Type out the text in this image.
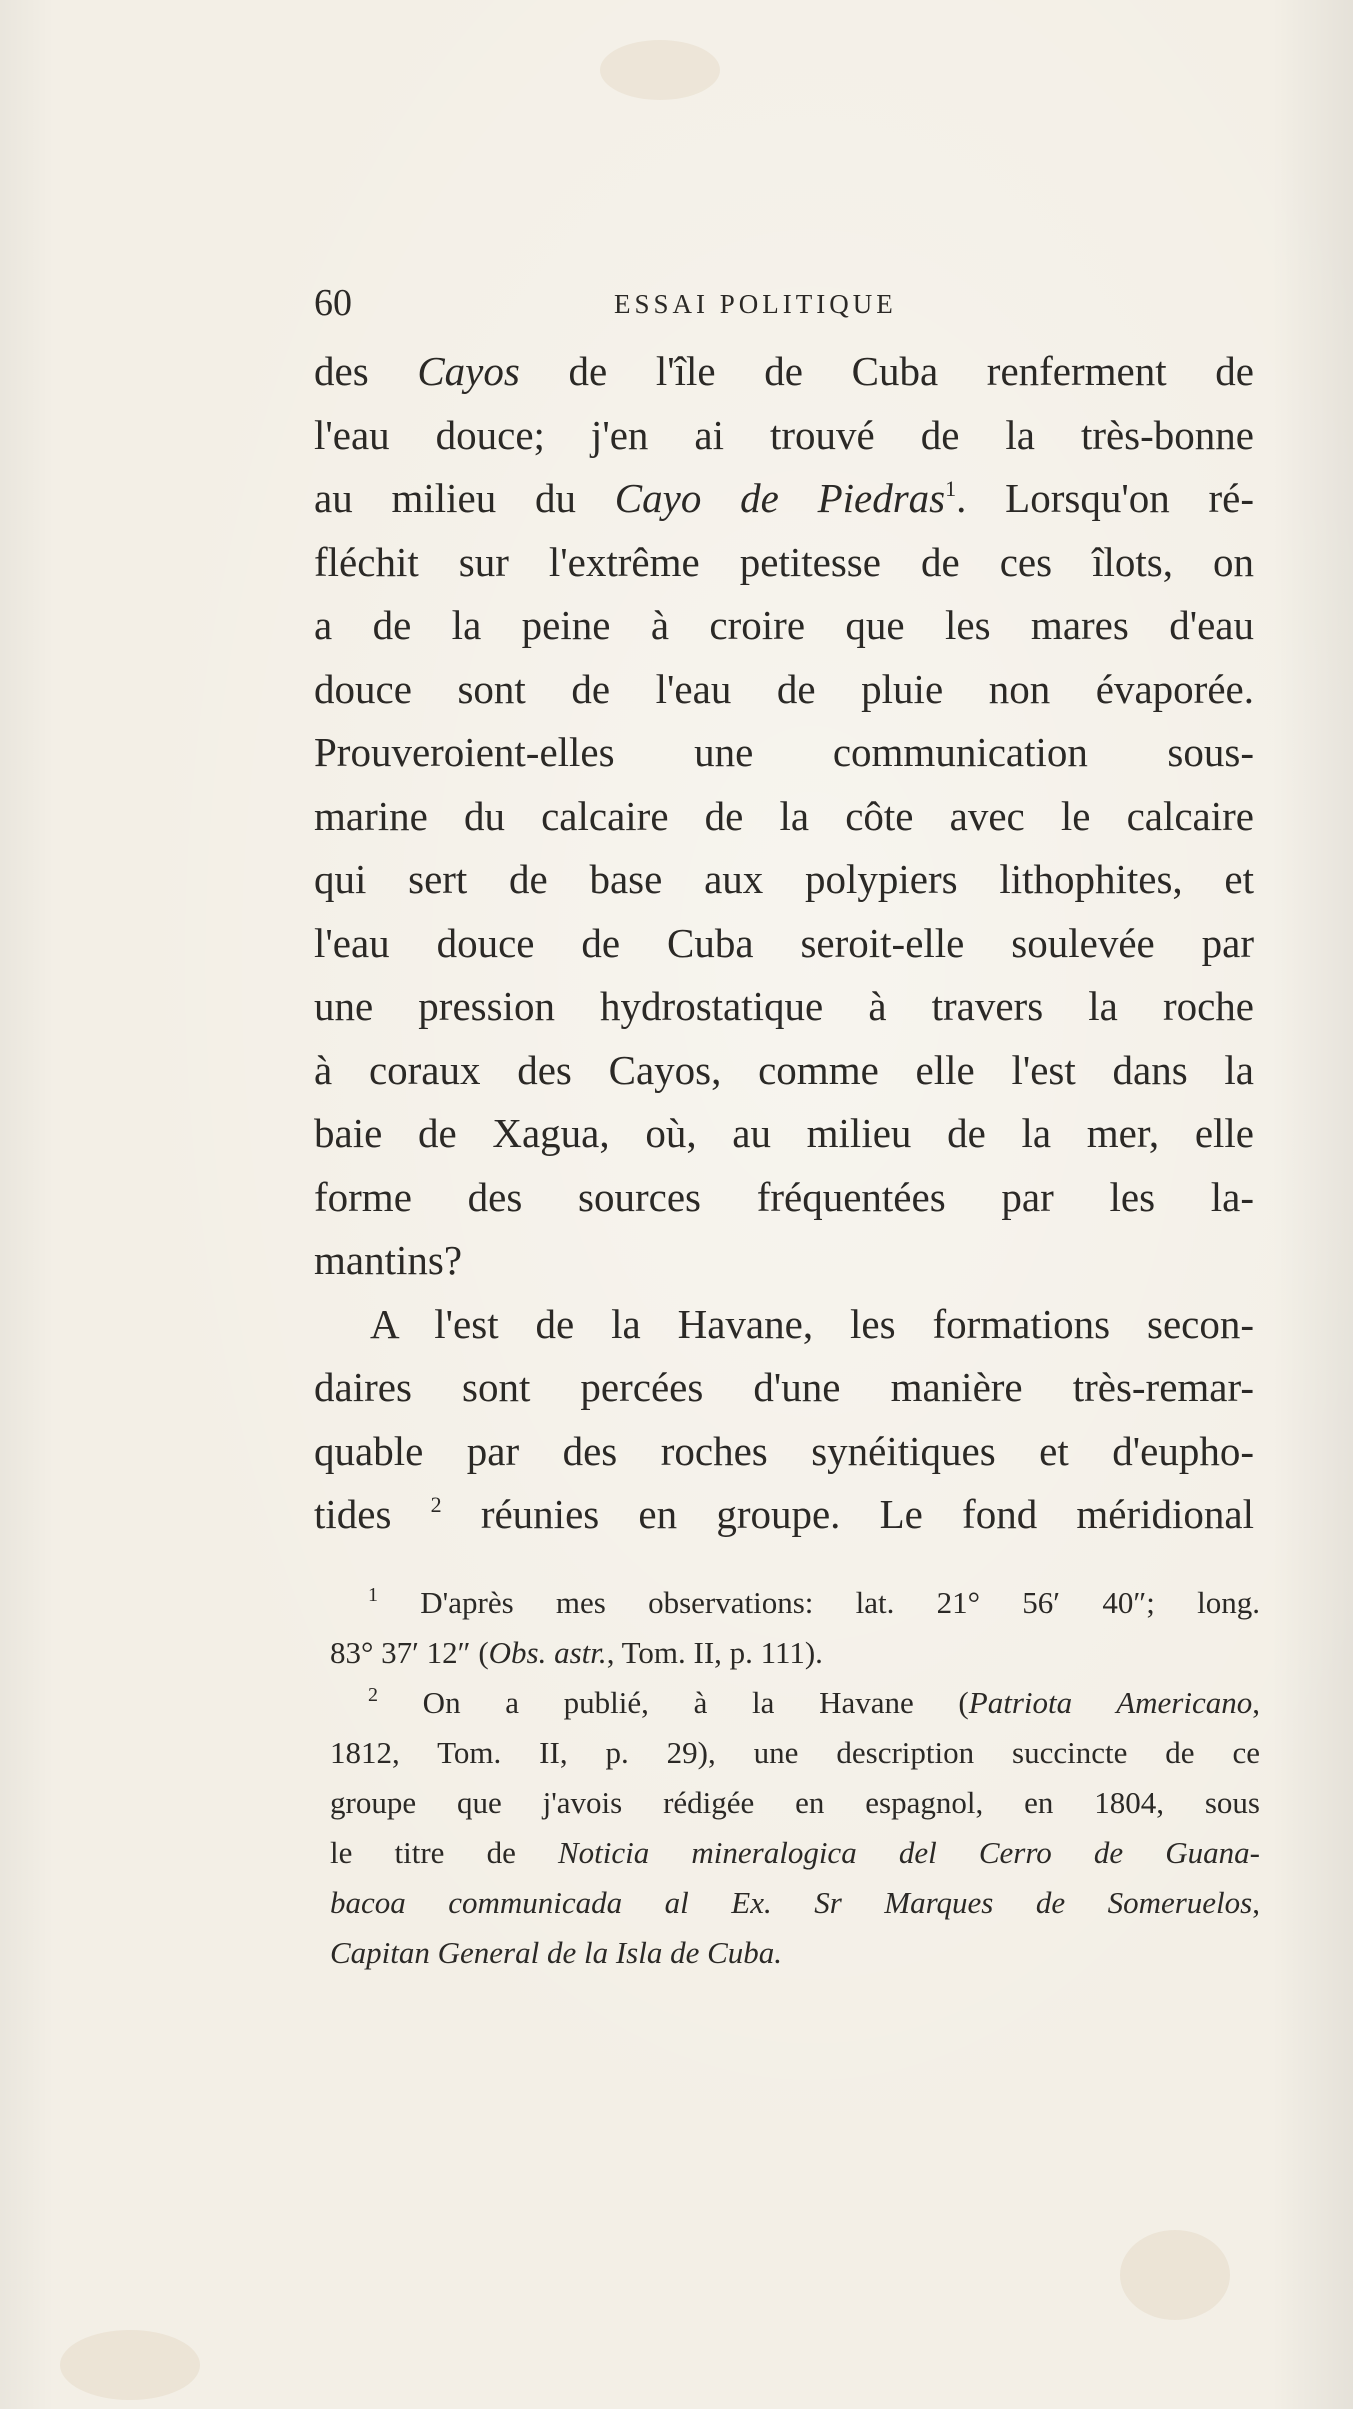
60	ESSAI POLITIQUE
des Cayos de l'île de Cuba renferment de
l'eau douce; j'en ai trouvé de la très-bonne
au milieu du Cayo de Piedras$^1$. Lorsqu'on ré-
fléchit sur l'extrême petitesse de ces îlots, on
a de la peine à croire que les mares d'eau
douce sont de l'eau de pluie non évaporée.
Prouveroient-elles une communication sous-
marine du calcaire de la côte avec le calcaire
qui sert de base aux polypiers lithophites, et
l'eau douce de Cuba seroit-elle soulevée par
une pression hydrostatique à travers la roche
à coraux des Cayos, comme elle l'est dans la
baie de Xagua, où, au milieu de la mer, elle
forme des sources fréquentées par les la-
mantins?
A l'est de la Havane, les formations secon-
daires sont percées d'une manière très-remar-
quable par des roches synéitiques et d'eupho-
tides $^2$ réunies en groupe. Le fond méridional
$^1$ D'après mes observations: lat. 21° 56′ 40″; long.
83° 37′ 12″ (Obs. astr., Tom. II, p. 111).
$^2$ On a publié, à la Havane (Patriota Americano,
1812, Tom. II, p. 29), une description succincte de ce
groupe que j'avois rédigée en espagnol, en 1804, sous
le titre de Noticia mineralogica del Cerro de Guana-
bacoa communicada al Ex. Sr Marques de Someruelos,
Capitan General de la Isla de Cuba.
